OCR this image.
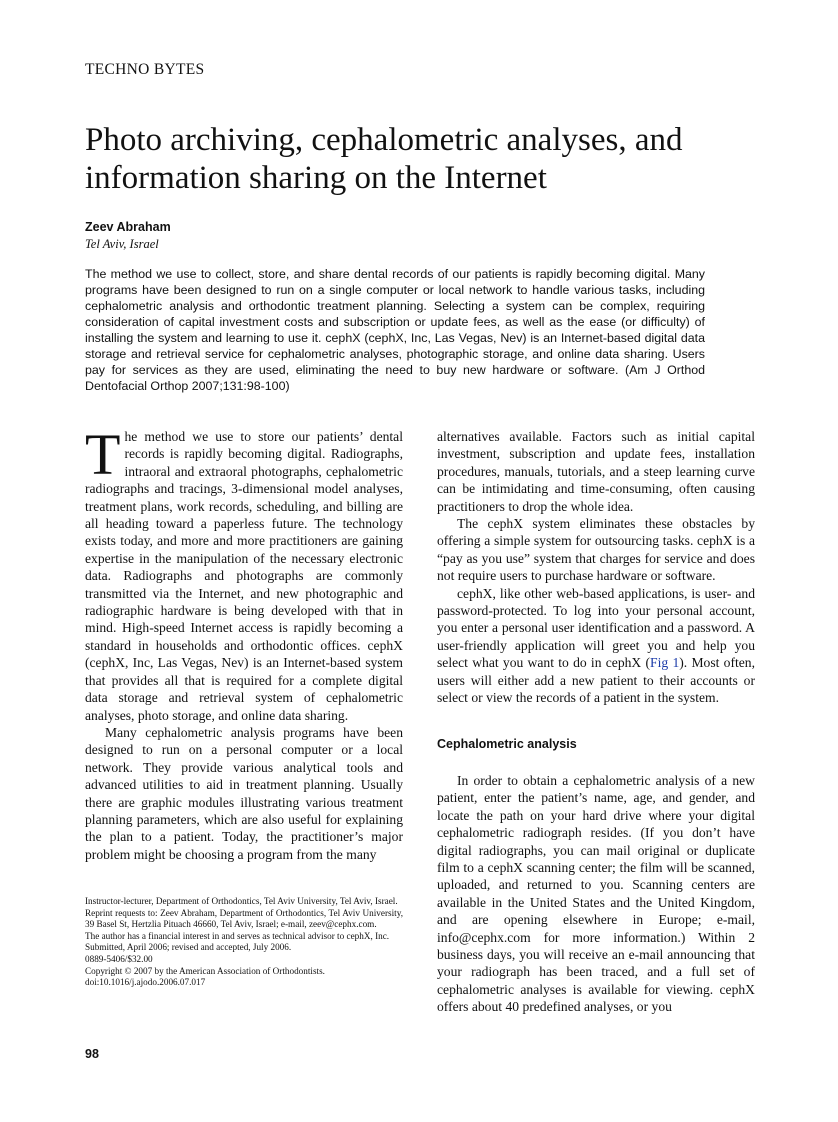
TECHNO BYTES
Photo archiving, cephalometric analyses, and information sharing on the Internet
Zeev Abraham
Tel Aviv, Israel

The method we use to collect, store, and share dental records of our patients is rapidly becoming digital. Many programs have been designed to run on a single computer or local network to handle various tasks, including cephalometric analysis and orthodontic treatment planning. Selecting a system can be complex, requiring consideration of capital investment costs and subscription or update fees, as well as the ease (or difficulty) of installing the system and learning to use it. cephX (cephX, Inc, Las Vegas, Nev) is an Internet-based digital data storage and retrieval service for cephalometric analyses, photographic storage, and online data sharing. Users pay for services as they are used, eliminating the need to buy new hardware or software. (Am J Orthod Dentofacial Orthop 2007;131:98-100)

The method we use to store our patients’ dental records is rapidly becoming digital. Radiographs, intraoral and extraoral photographs, cephalometric radiographs and tracings, 3-dimensional model analyses, treatment plans, work records, scheduling, and billing are all heading toward a paperless future. The technology exists today, and more and more practitioners are gaining expertise in the manipulation of the necessary electronic data. Radiographs and photographs are commonly transmitted via the Internet, and new photographic and radiographic hardware is being developed with that in mind. High-speed Internet access is rapidly becoming a standard in households and orthodontic offices. cephX (cephX, Inc, Las Vegas, Nev) is an Internet-based system that provides all that is required for a complete digital data storage and retrieval system of cephalometric analyses, photo storage, and online data sharing.

Many cephalometric analysis programs have been designed to run on a personal computer or a local network. They provide various analytical tools and advanced utilities to aid in treatment planning. Usually there are graphic modules illustrating various treatment planning parameters, which are also useful for explaining the plan to a patient. Today, the practitioner’s major problem might be choosing a program from the many

alternatives available. Factors such as initial capital investment, subscription and update fees, installation procedures, manuals, tutorials, and a steep learning curve can be intimidating and time-consuming, often causing practitioners to drop the whole idea.

The cephX system eliminates these obstacles by offering a simple system for outsourcing tasks. cephX is a “pay as you use” system that charges for service and does not require users to purchase hardware or software.

cephX, like other web-based applications, is user- and password-protected. To log into your personal account, you enter a personal user identification and a password. A user-friendly application will greet you and help you select what you want to do in cephX (Fig 1). Most often, users will either add a new patient to their accounts or select or view the records of a patient in the system.

Cephalometric analysis

In order to obtain a cephalometric analysis of a new patient, enter the patient’s name, age, and gender, and locate the path on your hard drive where your digital cephalometric radiograph resides. (If you don’t have digital radiographs, you can mail original or duplicate film to a cephX scanning center; the film will be scanned, uploaded, and returned to you. Scanning centers are available in the United States and the United Kingdom, and are opening elsewhere in Europe; e-mail, info@cephx.com for more information.) Within 2 business days, you will receive an e-mail announcing that your radiograph has been traced, and a full set of cephalometric analyses is available for viewing. cephX offers about 40 predefined analyses, or you

Instructor-lecturer, Department of Orthodontics, Tel Aviv University, Tel Aviv, Israel.
Reprint requests to: Zeev Abraham, Department of Orthodontics, Tel Aviv University, 39 Basel St, Hertzlia Pituach 46660, Tel Aviv, Israel; e-mail, zeev@cephx.com.
The author has a financial interest in and serves as technical advisor to cephX, Inc.
Submitted, April 2006; revised and accepted, July 2006.
0889-5406/$32.00
Copyright © 2007 by the American Association of Orthodontists.
doi:10.1016/j.ajodo.2006.07.017
98
